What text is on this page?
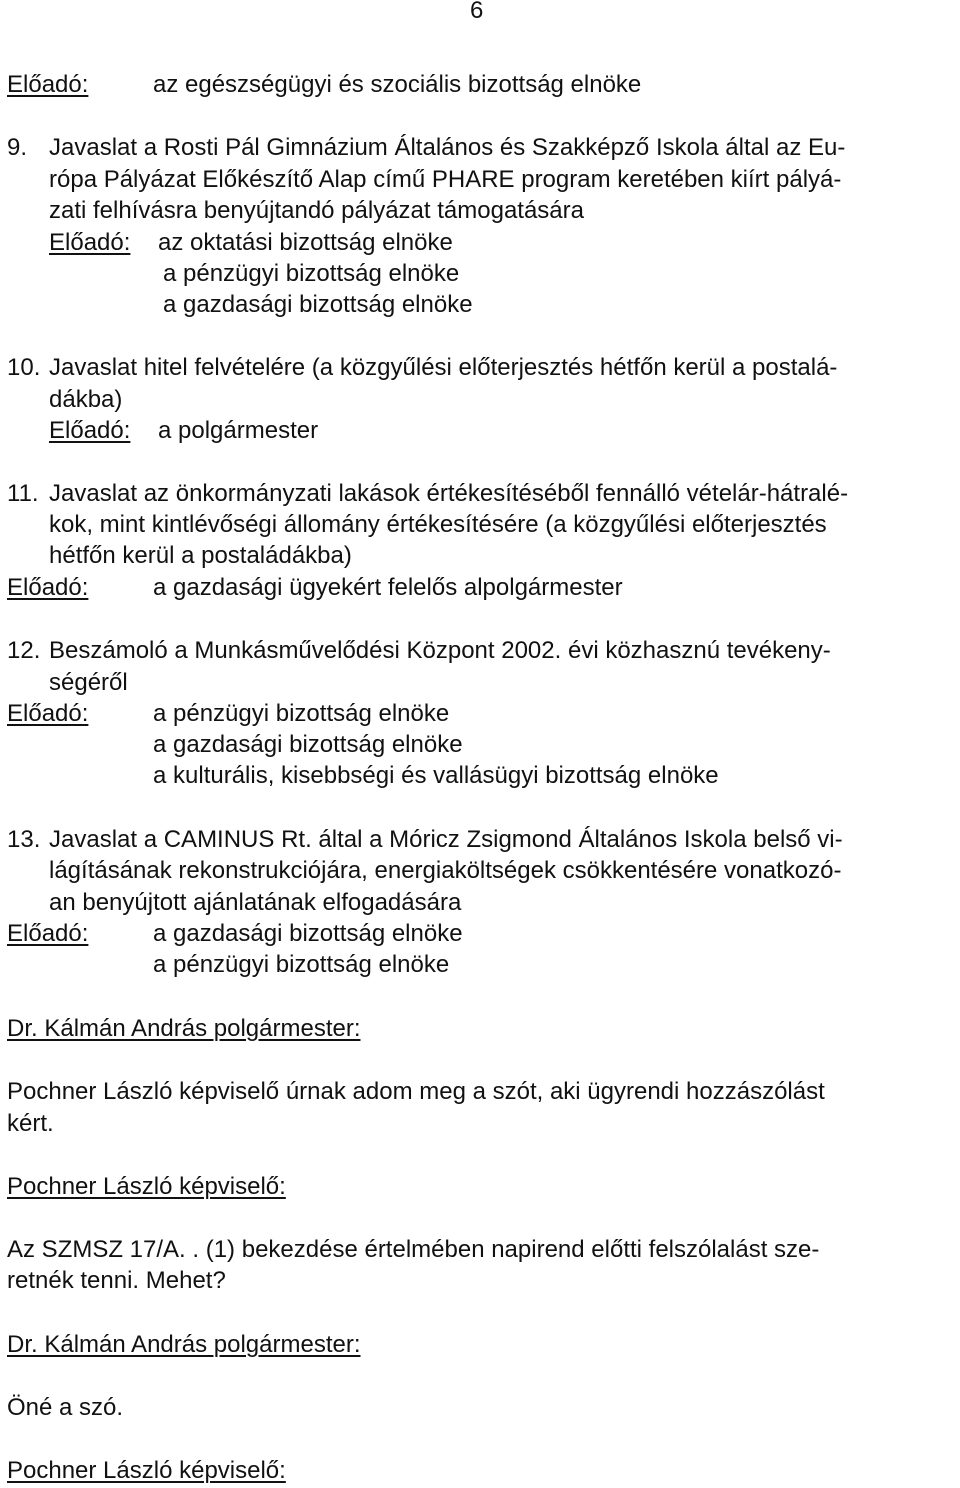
6
Előadó:	az egészségügyi és szociális bizottság elnöke
9. Javaslat a Rosti Pál Gimnázium Általános és Szakképző Iskola által az Eu-
rópa Pályázat Előkészítő Alap című PHARE program keretében kiírt pályá-
zati felhívásra benyújtandó pályázat támogatására
Előadó: az oktatási bizottság elnöke
a pénzügyi bizottság elnöke
a gazdasági bizottság elnöke
10. Javaslat hitel felvételére (a közgyűlési előterjesztés hétfőn kerül a postalá-
dákba)
Előadó: a polgármester
11. Javaslat az önkormányzati lakások értékesítéséből fennálló vételár-hátralé-
kok, mint kintlévőségi állomány értékesítésére (a közgyűlési előterjesztés
hétfőn kerül a postaládákba)
Előadó:	a gazdasági ügyekért felelős alpolgármester
12. Beszámoló a Munkásművelődési Központ 2002. évi közhasznú tevékeny-
ségéről
Előadó:	a pénzügyi bizottság elnöke
a gazdasági bizottság elnöke
a kulturális, kisebbségi és vallásügyi bizottság elnöke
13. Javaslat a CAMINUS Rt. által a Móricz Zsigmond Általános Iskola belső vi-
lágításának rekonstrukciójára, energiaköltségek csökkentésére vonatkozó-
an benyújtott ajánlatának elfogadására
Előadó:	a gazdasági bizottság elnöke
a pénzügyi bizottság elnöke
Dr. Kálmán András polgármester:
Pochner László képviselő úrnak adom meg a szót, aki ügyrendi hozzászólást
kért.
Pochner László képviselő:
Az SZMSZ 17/A. . (1) bekezdése értelmében napirend előtti felszólalást sze-
retnék tenni. Mehet?
Dr. Kálmán András polgármester:
Öné a szó.
Pochner László képviselő:
